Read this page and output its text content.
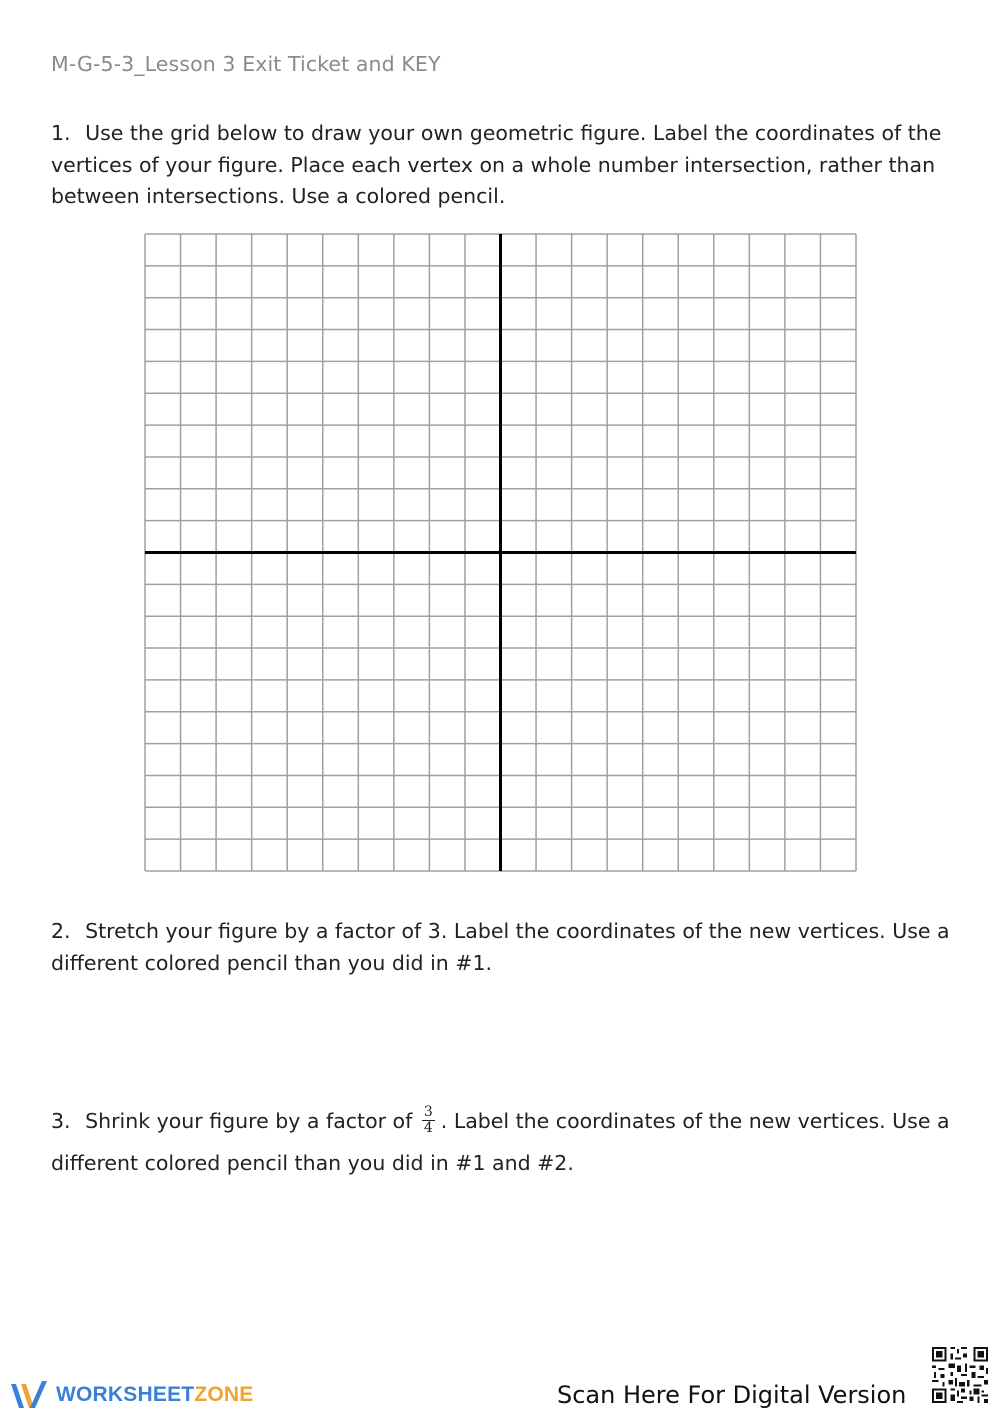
M-G-5-3_Lesson 3 Exit Ticket and KEY
1. Use the grid below to draw your own geometric figure. Label the coordinates of the vertices of your figure. Place each vertex on a whole number intersection, rather than between intersections. Use a colored pencil.
2. Stretch your figure by a factor of 3. Label the coordinates of the new vertices. Use a different colored pencil than you did in #1.
3. Shrink your figure by a factor of $\frac{3}{4}$ . Label the coordinates of the new vertices. Use a different colored pencil than you did in #1 and #2.
WORKSHEETZONE	Scan Here For Digital Version
